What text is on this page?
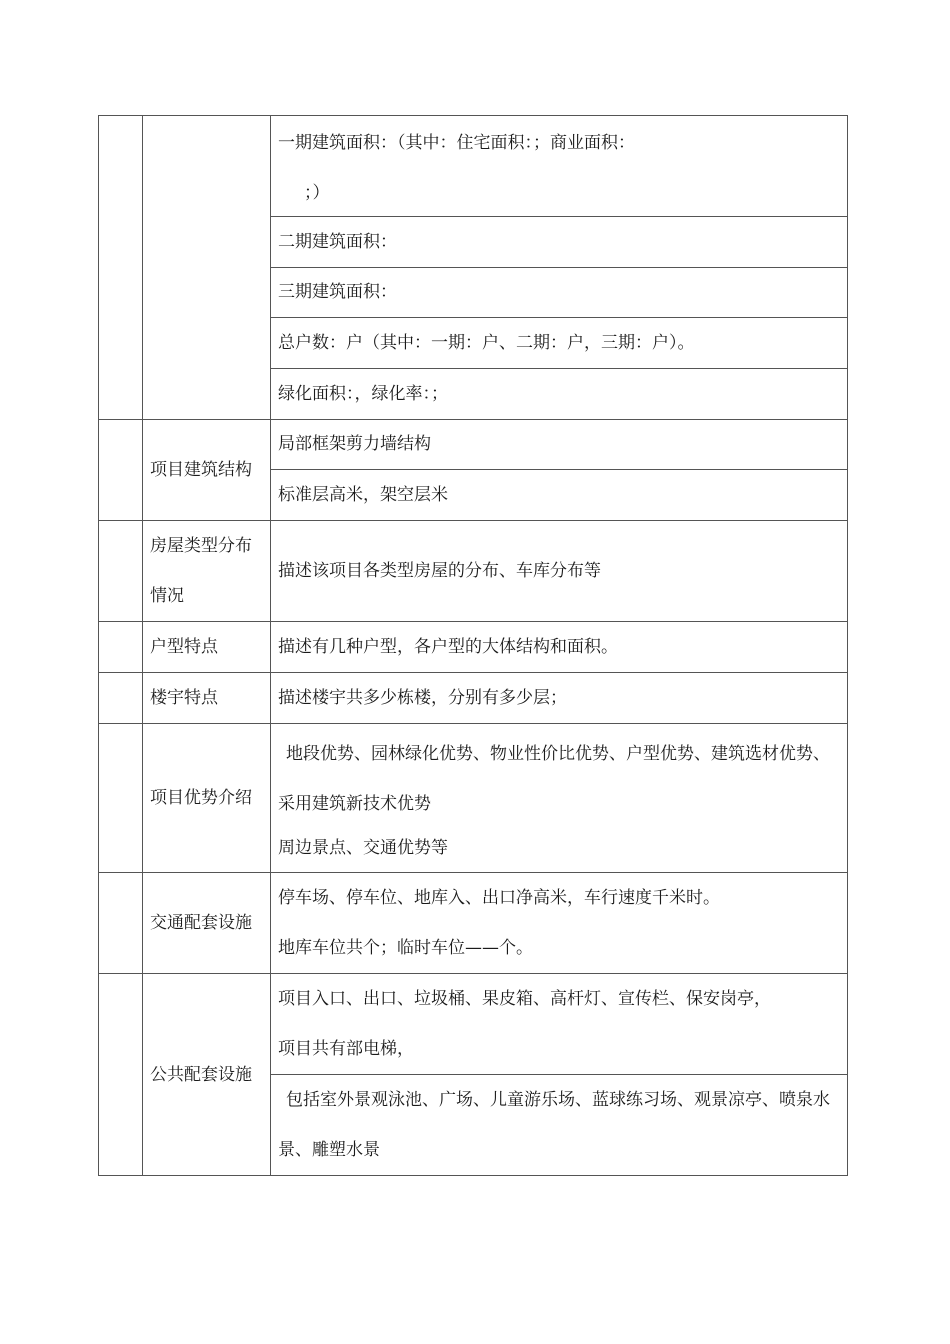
		一期建筑面积：（其中：住宅面积：；商业面积：
；）

		二期建筑面积：

		三期建筑面积：

		总户数：户（其中：一期：户、二期：户，三期：户）。

		绿化面积：，绿化率：；

	项目建筑结构	局部框架剪力墙结构

		标准层高米，架空层米

	房屋类型分布情况	描述该项目各类型房屋的分布、车库分布等

	户型特点	描述有几种户型，各户型的大体结构和面积。

	楼宇特点	描述楼宇共多少栋楼，分别有多少层；

	项目优势介绍	地段优势、园林绿化优势、物业性价比优势、户型优势、建筑选材优势、采用建筑新技术优势
周边景点、交通优势等

	交通配套设施	停车场、停车位、地库入、出口净高米，车行速度千米时。
地库车位共个；临时车位——个。

	公共配套设施	项目入口、出口、垃圾桶、果皮箱、高杆灯、宣传栏、保安岗亭，
项目共有部电梯，

		包括室外景观泳池、广场、儿童游乐场、蓝球练习场、观景凉亭、喷泉水景、雕塑水景
